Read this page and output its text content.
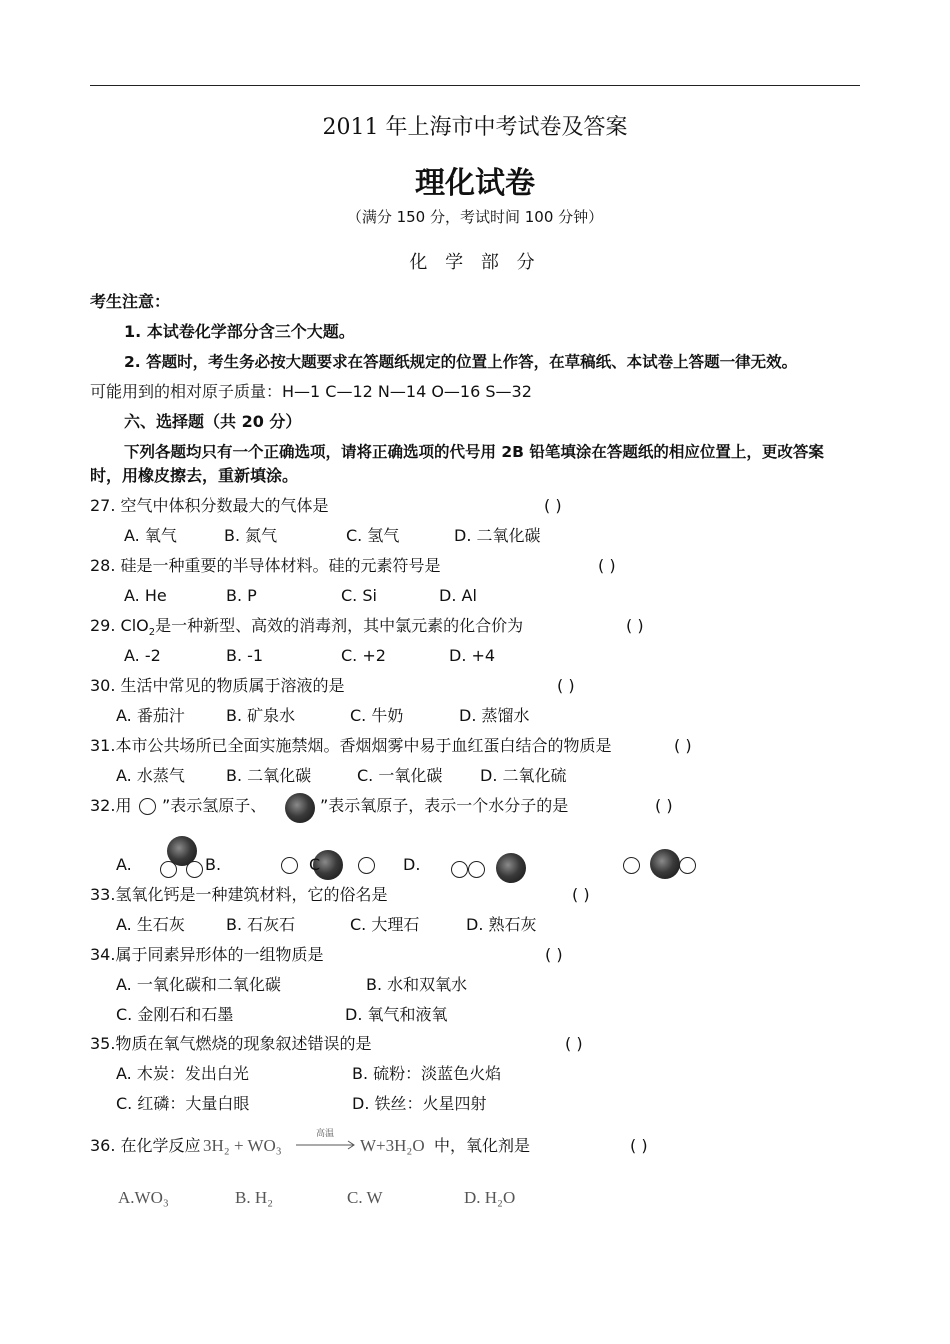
2011 年上海市中考试卷及答案
理化试卷
（满分 150 分，考试时间 100 分钟）
化 学 部 分
考生注意：
1. 本试卷化学部分含三个大题。
2. 答题时，考生务必按大题要求在答题纸规定的位置上作答，在草稿纸、本试卷上答题一律无效。
可能用到的相对原子质量：H—1 C—12 N—14 O—16 S—32
六、选择题（共 20 分）
下列各题均只有一个正确选项，请将正确选项的代号用 2B 铅笔填涂在答题纸的相应位置上，更改答案
时，用橡皮擦去，重新填涂。
27. 空气中体积分数最大的气体是	( )
A. 氧气	B. 氮气	C. 氢气	D. 二氧化碳
28. 硅是一种重要的半导体材料。硅的元素符号是	( )
A. He	B. P	C. Si	D. Al
29. ClO$_2$是一种新型、高效的消毒剂，其中氯元素的化合价为	( )
A. -2	B. -1	C. +2	D. +4
30. 生活中常见的物质属于溶液的是	( )
A. 番茄汁	B. 矿泉水	C. 牛奶	D. 蒸馏水
31.本市公共场所已全面实施禁烟。香烟烟雾中易于血红蛋白结合的物质是	( )
A. 水蒸气	B. 二氧化碳	C. 一氧化碳 D. 二氧化硫
32.用 ”表示氢原子、	”表示氧原子，表示一个水分子的是	( )
A.	B.	C	D.
33.氢氧化钙是一种建筑材料，它的俗名是	( )
A. 生石灰	B. 石灰石	C. 大理石	D. 熟石灰
34.属于同素异形体的一组物质是	( )
A. 一氧化碳和二氧化碳	B. 水和双氧水
C. 金刚石和石墨	D. 氧气和液氧
35.物质在氧气燃烧的现象叙述错误的是	( )
A. 木炭：发出白光	B. 硫粉：淡蓝色火焰
C. 红磷：大量白眼	D. 铁丝：火星四射
36. 在化学反应 3H₂ + WO₃
高温
→ W+3H₂O 中，氧化剂是	( )
A.WO₃	B. H₂	C. W	D. H₂O
